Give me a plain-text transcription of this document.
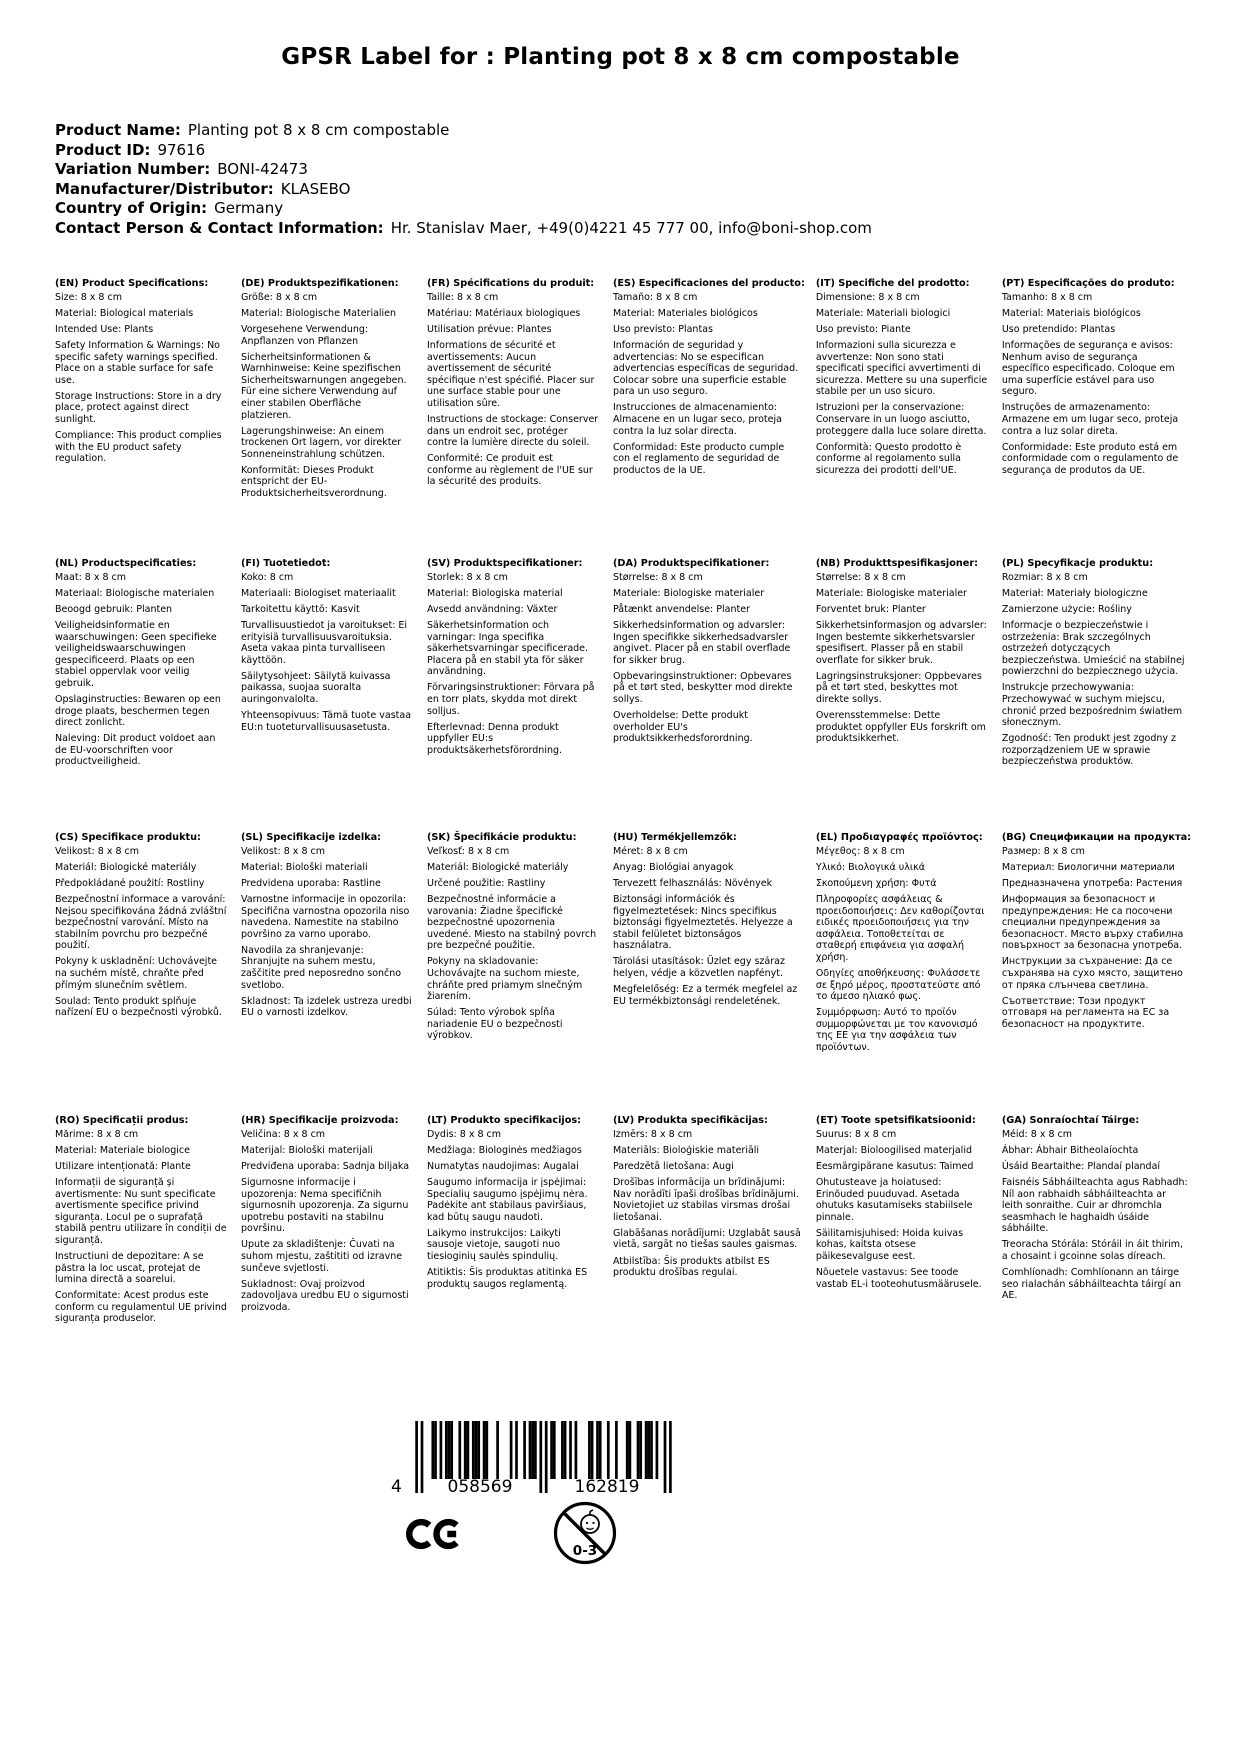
GPSR Label for : Planting pot 8 x 8 cm compostable
Product Name: Planting pot 8 x 8 cm compostable
Product ID: 97616
Variation Number: BONI-42473
Manufacturer/Distributor: KLASEBO
Country of Origin: Germany
Contact Person & Contact Information: Hr. Stanislav Maer, +49(0)4221 45 777 00, info@boni-shop.com
(EN) Product Specifications:
Size: 8 x 8 cm
Material: Biological materials
Intended Use: Plants
Safety Information & Warnings: No specific safety warnings specified. Place on a stable surface for safe use.
Storage Instructions: Store in a dry place, protect against direct sunlight.
Compliance: This product complies with the EU product safety regulation.
(DE) Produktspezifikationen:
Größe: 8 x 8 cm
Material: Biologische Materialien
Vorgesehene Verwendung: Anpflanzen von Pflanzen
Sicherheitsinformationen & Warnhinweise: Keine spezifischen Sicherheitswarnungen angegeben. Für eine sichere Verwendung auf einer stabilen Oberfläche platzieren.
Lagerungshinweise: An einem trockenen Ort lagern, vor direkter Sonneneinstrahlung schützen.
Konformität: Dieses Produkt entspricht der EU-Produktsicherheitsverordnung.
(FR) Spécifications du produit:
Taille: 8 x 8 cm
Matériau: Matériaux biologiques
Utilisation prévue: Plantes
Informations de sécurité et avertissements: Aucun avertissement de sécurité spécifique n'est spécifié. Placer sur une surface stable pour une utilisation sûre.
Instructions de stockage: Conserver dans un endroit sec, protéger contre la lumière directe du soleil.
Conformité: Ce produit est conforme au règlement de l'UE sur la sécurité des produits.
(ES) Especificaciones del producto:
Tamaño: 8 x 8 cm
Material: Materiales biológicos
Uso previsto: Plantas
Información de seguridad y advertencias: No se especifican advertencias específicas de seguridad. Colocar sobre una superficie estable para un uso seguro.
Instrucciones de almacenamiento: Almacene en un lugar seco, proteja contra la luz solar directa.
Conformidad: Este producto cumple con el reglamento de seguridad de productos de la UE.
(IT) Specifiche del prodotto:
Dimensione: 8 x 8 cm
Materiale: Materiali biologici
Uso previsto: Piante
Informazioni sulla sicurezza e avvertenze: Non sono stati specificati specifici avvertimenti di sicurezza. Mettere su una superficie stabile per un uso sicuro.
Istruzioni per la conservazione: Conservare in un luogo asciutto, proteggere dalla luce solare diretta.
Conformità: Questo prodotto è conforme al regolamento sulla sicurezza dei prodotti dell'UE.
(PT) Especificações do produto:
Tamanho: 8 x 8 cm
Material: Materiais biológicos
Uso pretendido: Plantas
Informações de segurança e avisos: Nenhum aviso de segurança específico especificado. Coloque em uma superfície estável para uso seguro.
Instruções de armazenamento: Armazene em um lugar seco, proteja contra a luz solar direta.
Conformidade: Este produto está em conformidade com o regulamento de segurança de produtos da UE.
(NL) Productspecificaties:
Maat: 8 x 8 cm
Materiaal: Biologische materialen
Beoogd gebruik: Planten
Veiligheidsinformatie en waarschuwingen: Geen specifieke veiligheidswaarschuwingen gespecificeerd. Plaats op een stabiel oppervlak voor veilig gebruik.
Opslaginstructies: Bewaren op een droge plaats, beschermen tegen direct zonlicht.
Naleving: Dit product voldoet aan de EU-voorschriften voor productveiligheid.
(FI) Tuotetiedot:
Koko: 8 cm
Materiaali: Biologiset materiaalit
Tarkoitettu käyttö: Kasvit
Turvallisuustiedot ja varoitukset: Ei erityisiä turvallisuusvaroituksia. Aseta vakaa pinta turvalliseen käyttöön.
Säilytysohjeet: Säilytä kuivassa paikassa, suojaa suoralta auringonvalolta.
Yhteensopivuus: Tämä tuote vastaa EU:n tuoteturvallisuusasetusta.
(SV) Produktspecifikationer:
Storlek: 8 x 8 cm
Material: Biologiska material
Avsedd användning: Växter
Säkerhetsinformation och varningar: Inga specifika säkerhetsvarningar specificerade. Placera på en stabil yta för säker användning.
Förvaringsinstruktioner: Förvara på en torr plats, skydda mot direkt solljus.
Efterlevnad: Denna produkt uppfyller EU:s produktsäkerhetsförordning.
(DA) Produktspecifikationer:
Størrelse: 8 x 8 cm
Materiale: Biologiske materialer
Påtænkt anvendelse: Planter
Sikkerhedsinformation og advarsler: Ingen specifikke sikkerhedsadvarsler angivet. Placer på en stabil overflade for sikker brug.
Opbevaringsinstruktioner: Opbevares på et tørt sted, beskytter mod direkte sollys.
Overholdelse: Dette produkt overholder EU's produktsikkerhedsforordning.
(NB) Produkttspesifikasjoner:
Størrelse: 8 x 8 cm
Materiale: Biologiske materialer
Forventet bruk: Planter
Sikkerhetsinformasjon og advarsler: Ingen bestemte sikkerhetsvarsler spesifisert. Plasser på en stabil overflate for sikker bruk.
Lagringsinstruksjoner: Oppbevares på et tørt sted, beskyttes mot direkte sollys.
Overensstemmelse: Dette produktet oppfyller EUs forskrift om produktsikkerhet.
(PL) Specyfikacje produktu:
Rozmiar: 8 x 8 cm
Materiał: Materiały biologiczne
Zamierzone użycie: Rośliny
Informacje o bezpieczeństwie i ostrzeżenia: Brak szczególnych ostrzeżeń dotyczących bezpieczeństwa. Umieścić na stabilnej powierzchni do bezpiecznego użycia.
Instrukcje przechowywania: Przechowywać w suchym miejscu, chronić przed bezpośrednim światłem słonecznym.
Zgodność: Ten produkt jest zgodny z rozporządzeniem UE w sprawie bezpieczeństwa produktów.
(CS) Specifikace produktu:
Velikost: 8 x 8 cm
Materiál: Biologické materiály
Předpokládané použití: Rostliny
Bezpečnostní informace a varování: Nejsou specifikována žádná zvláštní bezpečnostní varování. Místo na stabilním povrchu pro bezpečné použití.
Pokyny k uskladnění: Uchovávejte na suchém místě, chraňte před přímým slunečním světlem.
Soulad: Tento produkt splňuje nařízení EU o bezpečnosti výrobků.
(SL) Specifikacije izdelka:
Velikost: 8 x 8 cm
Material: Biološki materiali
Predvidena uporaba: Rastline
Varnostne informacije in opozorila: Specifična varnostna opozorila niso navedena. Namestite na stabilno površino za varno uporabo.
Navodila za shranjevanje: Shranjujte na suhem mestu, zaščitite pred neposredno sončno svetlobo.
Skladnost: Ta izdelek ustreza uredbi EU o varnosti izdelkov.
(SK) Špecifikácie produktu:
Veľkosť: 8 x 8 cm
Materiál: Biologické materiály
Určené použitie: Rastliny
Bezpečnostné informácie a varovania: Žiadne špecifické bezpečnostné upozornenia uvedené. Miesto na stabilný povrch pre bezpečné použitie.
Pokyny na skladovanie: Uchovávajte na suchom mieste, chráňte pred priamym slnečným žiarením.
Súlad: Tento výrobok spĺňa nariadenie EU o bezpečnosti výrobkov.
(HU) Termékjellemzők:
Méret: 8 x 8 cm
Anyag: Biológiai anyagok
Tervezett felhasználás: Növények
Biztonsági információk és figyelmeztetések: Nincs specifikus biztonsági figyelmeztetés. Helyezze a stabil felületet biztonságos használatra.
Tárolási utasítások: Üzlet egy száraz helyen, védje a közvetlen napfényt.
Megfelelőség: Ez a termék megfelel az EU termékbiztonsági rendeletének.
(EL) Προδιαγραφές προϊόντος:
Μέγεθος: 8 x 8 cm
Υλικό: Βιολογικά υλικά
Σκοπούμενη χρήση: Φυτά
Πληροφορίες ασφάλειας & προειδοποιήσεις: Δεν καθορίζονται ειδικές προειδοποιήσεις για την ασφάλεια. Τοποθετείται σε σταθερή επιφάνεια για ασφαλή χρήση.
Οδηγίες αποθήκευσης: Φυλάσσετε σε ξηρό μέρος, προστατεύστε από το άμεσο ηλιακό φως.
Συμμόρφωση: Αυτό το προϊόν συμμορφώνεται με τον κανονισμό της ΕΕ για την ασφάλεια των προϊόντων.
(BG) Спецификации на продукта:
Размер: 8 x 8 cm
Материал: Биологични материали
Предназначена употреба: Растения
Информация за безопасност и предупреждения: Не са посочени специални предупреждения за безопасност. Място върху стабилна повърхност за безопасна употреба.
Инструкции за съхранение: Да се съхранява на сухо място, защитено от пряка слънчева светлина.
Съответствие: Този продукт отговаря на регламента на ЕС за безопасност на продуктите.
(RO) Specificații produs:
Mărime: 8 x 8 cm
Material: Materiale biologice
Utilizare intenționată: Plante
Informații de siguranță și avertismente: Nu sunt specificate avertismente specifice privind siguranța. Locul pe o suprafață stabilă pentru utilizare în condiții de siguranță.
Instructiuni de depozitare: A se păstra la loc uscat, protejat de lumina directă a soarelui.
Conformitate: Acest produs este conform cu regulamentul UE privind siguranța produselor.
(HR) Specifikacije proizvoda:
Veličina: 8 x 8 cm
Materijal: Biološki materijali
Predviđena uporaba: Sadnja biljaka
Sigurnosne informacije i upozorenja: Nema specifičnih sigurnosnih upozorenja. Za sigurnu upotrebu postaviti na stabilnu površinu.
Upute za skladištenje: Čuvati na suhom mjestu, zaštititi od izravne sunčeve svjetlosti.
Sukladnost: Ovaj proizvod zadovoljava uredbu EU o sigurnosti proizvoda.
(LT) Produkto specifikacijos:
Dydis: 8 x 8 cm
Medžiaga: Biologinės medžiagos
Numatytas naudojimas: Augalai
Saugumo informacija ir įspėjimai: Specialių saugumo įspėjimų nėra. Padėkite ant stabilaus paviršiaus, kad būtų saugu naudoti.
Laikymo instrukcijos: Laikyti sausoje vietoje, saugoti nuo tiesioginių saulės spindulių.
Atitiktis: Šis produktas atitinka ES produktų saugos reglamentą.
(LV) Produkta specifikācijas:
Izmērs: 8 x 8 cm
Materiāls: Bioloģiskie materiāli
Paredzētā lietošana: Augi
Drošības informācija un brīdinājumi: Nav norādīti īpaši drošības brīdinājumi. Novietojiet uz stabilas virsmas drošai lietošanai.
Glabāšanas norādījumi: Uzglabāt sausā vietā, sargāt no tiešas saules gaismas.
Atbilstība: Šis produkts atbilst ES produktu drošības regulai.
(ET) Toote spetsifikatsioonid:
Suurus: 8 x 8 cm
Materjal: Bioloogilised materjalid
Eesmärgipärane kasutus: Taimed
Ohutusteave ja hoiatused: Erinõuded puuduvad. Asetada ohutuks kasutamiseks stabiilsele pinnale.
Säilitamisjuhised: Hoida kuivas kohas, kaitsta otsese päikesevalguse eest.
Nõuetele vastavus: See toode vastab EL-i tooteohutusmäärusele.
(GA) Sonraíochtaí Táirge:
Méid: 8 x 8 cm
Ábhar: Ábhair Bitheolaíochta
Úsáid Beartaithe: Plandaí plandaí
Faisnéis Sábháilteachta agus Rabhadh: Níl aon rabhaidh sábháilteachta ar leith sonraithe. Cuir ar dhromchla seasmhach le haghaidh úsáide sábháilte.
Treoracha Stórála: Stóráil in áit thirim, a chosaint i gcoinne solas díreach.
Comhlíonadh: Comhlíonann an táirge seo rialachán sábháilteachta táirgí an AE.
4	058569	162819
0-3
